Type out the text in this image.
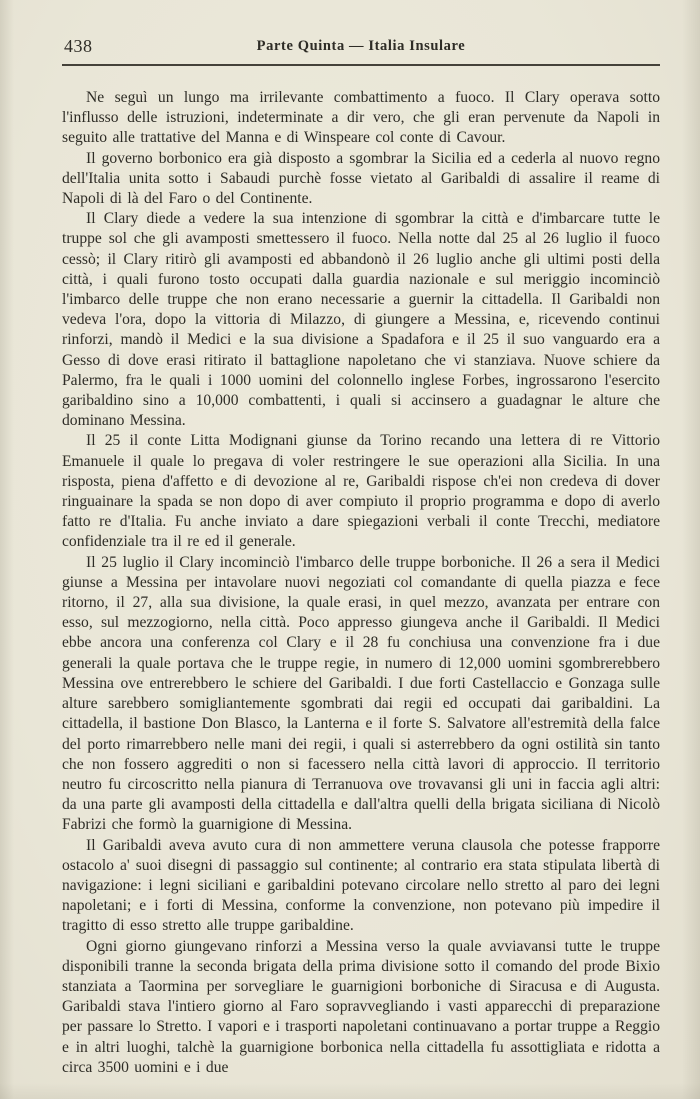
438	Parte Quinta — Italia Insulare

Ne seguì un lungo ma irrilevante combattimento a fuoco. Il Clary operava sotto l'influsso delle istruzioni, indeterminate a dir vero, che gli eran pervenute da Napoli in seguito alle trattative del Manna e di Winspeare col conte di Cavour.

Il governo borbonico era già disposto a sgombrar la Sicilia ed a cederla al nuovo regno dell'Italia unita sotto i Sabaudi purchè fosse vietato al Garibaldi di assalire il reame di Napoli di là del Faro o del Continente.

Il Clary diede a vedere la sua intenzione di sgombrar la città e d'imbarcare tutte le truppe sol che gli avamposti smettessero il fuoco. Nella notte dal 25 al 26 luglio il fuoco cessò; il Clary ritirò gli avamposti ed abbandonò il 26 luglio anche gli ultimi posti della città, i quali furono tosto occupati dalla guardia nazionale e sul meriggio incominciò l'imbarco delle truppe che non erano necessarie a guernir la cittadella. Il Garibaldi non vedeva l'ora, dopo la vittoria di Milazzo, di giungere a Messina, e, ricevendo continui rinforzi, mandò il Medici e la sua divisione a Spadafora e il 25 il suo vanguardo era a Gesso di dove erasi ritirato il battaglione napoletano che vi stanziava. Nuove schiere da Palermo, fra le quali i 1000 uomini del colonnello inglese Forbes, ingrossarono l'esercito garibaldino sino a 10,000 combattenti, i quali si accinsero a guadagnar le alture che dominano Messina.

Il 25 il conte Litta Modignani giunse da Torino recando una lettera di re Vittorio Emanuele il quale lo pregava di voler restringere le sue operazioni alla Sicilia. In una risposta, piena d'affetto e di devozione al re, Garibaldi rispose ch'ei non credeva di dover ringuainare la spada se non dopo di aver compiuto il proprio programma e dopo di averlo fatto re d'Italia. Fu anche inviato a dare spiegazioni verbali il conte Trecchi, mediatore confidenziale tra il re ed il generale.

Il 25 luglio il Clary incominciò l'imbarco delle truppe borboniche. Il 26 a sera il Medici giunse a Messina per intavolare nuovi negoziati col comandante di quella piazza e fece ritorno, il 27, alla sua divisione, la quale erasi, in quel mezzo, avanzata per entrare con esso, sul mezzogiorno, nella città. Poco appresso giungeva anche il Garibaldi. Il Medici ebbe ancora una conferenza col Clary e il 28 fu conchiusa una convenzione fra i due generali la quale portava che le truppe regie, in numero di 12,000 uomini sgombrerebbero Messina ove entrerebbero le schiere del Garibaldi. I due forti Castellaccio e Gonzaga sulle alture sarebbero somigliantemente sgombrati dai regii ed occupati dai garibaldini. La cittadella, il bastione Don Blasco, la Lanterna e il forte S. Salvatore all'estremità della falce del porto rimarrebbero nelle mani dei regii, i quali si asterrebbero da ogni ostilità sin tanto che non fossero aggrediti o non si facessero nella città lavori di approccio. Il territorio neutro fu circoscritto nella pianura di Terranuova ove trovavansi gli uni in faccia agli altri: da una parte gli avamposti della cittadella e dall'altra quelli della brigata siciliana di Nicolò Fabrizi che formò la guarnigione di Messina.

Il Garibaldi aveva avuto cura di non ammettere veruna clausola che potesse frapporre ostacolo a' suoi disegni di passaggio sul continente; al contrario era stata stipulata libertà di navigazione: i legni siciliani e garibaldini potevano circolare nello stretto al paro dei legni napoletani; e i forti di Messina, conforme la convenzione, non potevano più impedire il tragitto di esso stretto alle truppe garibaldine.

Ogni giorno giungevano rinforzi a Messina verso la quale avviavansi tutte le truppe disponibili tranne la seconda brigata della prima divisione sotto il comando del prode Bixio stanziata a Taormina per sorvegliare le guarnigioni borboniche di Siracusa e di Augusta. Garibaldi stava l'intiero giorno al Faro sopravvegliando i vasti apparecchi di preparazione per passare lo Stretto. I vapori e i trasporti napoletani continuavano a portar truppe a Reggio e in altri luoghi, talchè la guarnigione borbonica nella cittadella fu assottigliata e ridotta a circa 3500 uomini e i due
